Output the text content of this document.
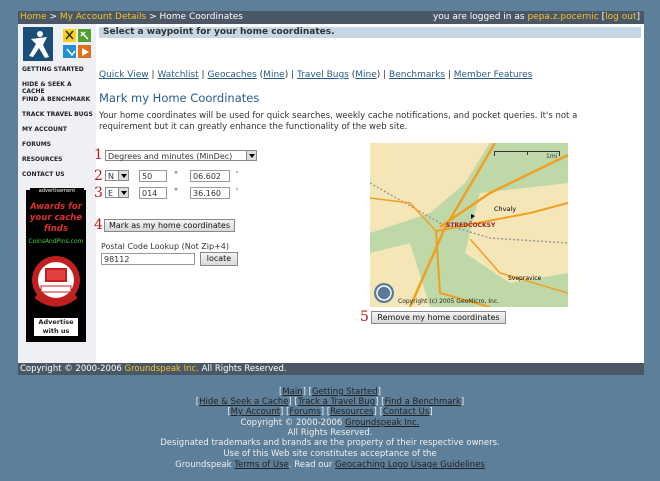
Home > My Account Details > Home Coordinates	you are logged in as pepa.z.pocernic [log out]
GETTING STARTED
HIDE & SEEK A CACHE
FIND A BENCHMARK
TRACK TRAVEL BUGS
MY ACCOUNT
FORUMS
RESOURCES
CONTACT US
Awards for your cache finds
CoinsAndPins.com
advertisement
Advertise with us
Select a waypoint for your home coordinates.
Quick View | Watchlist | Geocaches (Mine) | Travel Bugs (Mine) | Benchmarks | Member Features
Mark my Home Coordinates
Your home coordinates will be used for quick searches, weekly cache notifications, and pocket queries. It's not a requirement but it can greatly enhance the functionality of the web site.
1 Degrees and minutes (MinDec)
2 N	50	°	06.602	'
3 E	014	°	36.160	'
4 Mark as my home coordinates
Postal Code Lookup (Not Zip+4)
98112	locate
1mi
Chvaly
STREDČOCKSY
Svepravice
Copyright (c) 2005 GeoMicro, Inc.
5	Remove my home coordinates
Copyright © 2000-2006 Groundspeak Inc. All Rights Reserved.
[Main] [Getting Started]
[Hide & Seek a Cache] [Track a Travel Bug] [Find a Benchmark]
[My Account] [Forums] [Resources] [Contact Us]
Copyright © 2000-2006 Groundspeak Inc.
All Rights Reserved.
Designated trademarks and brands are the property of their respective owners.
Use of this Web site constitutes acceptance of the
Groundspeak Terms of Use. Read our Geocaching Logo Usage Guidelines
